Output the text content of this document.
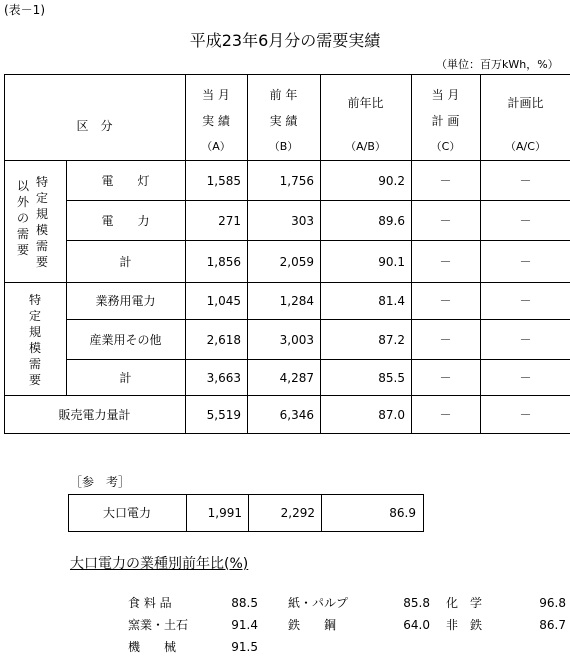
(表－1)
平成23年6月分の需要実績
（単位：百万kWh，%）
区　分
当 月
実 績
（A）
前 年
実 績
（B）
前年比
（A/B）
当 月
計 画
（C）
計画比
（A/C）
以
外
の
需
要
特
定
規
模
需
要
電　　灯	1,585	1,756	90.2	－	－
電　　力	271	303	89.6	－	－
計	1,856	2,059	90.1	－	－
特
定
規
模
需
要
業務用電力	1,045	1,284	81.4	－	－
産業用その他	2,618	3,003	87.2	－	－
計	3,663	4,287	85.5	－	－
販売電力量計	5,519	6,346	87.0	－	－
［参　考］
大口電力	1,991	2,292	86.9
大口電力の業種別前年比(%)
食 料 品	88.5	紙・パルプ	85.8 化　学	96.8
窯業・土石	91.4	鉄　　鋼	64.0 非　鉄	86.7
機　　械	91.5
